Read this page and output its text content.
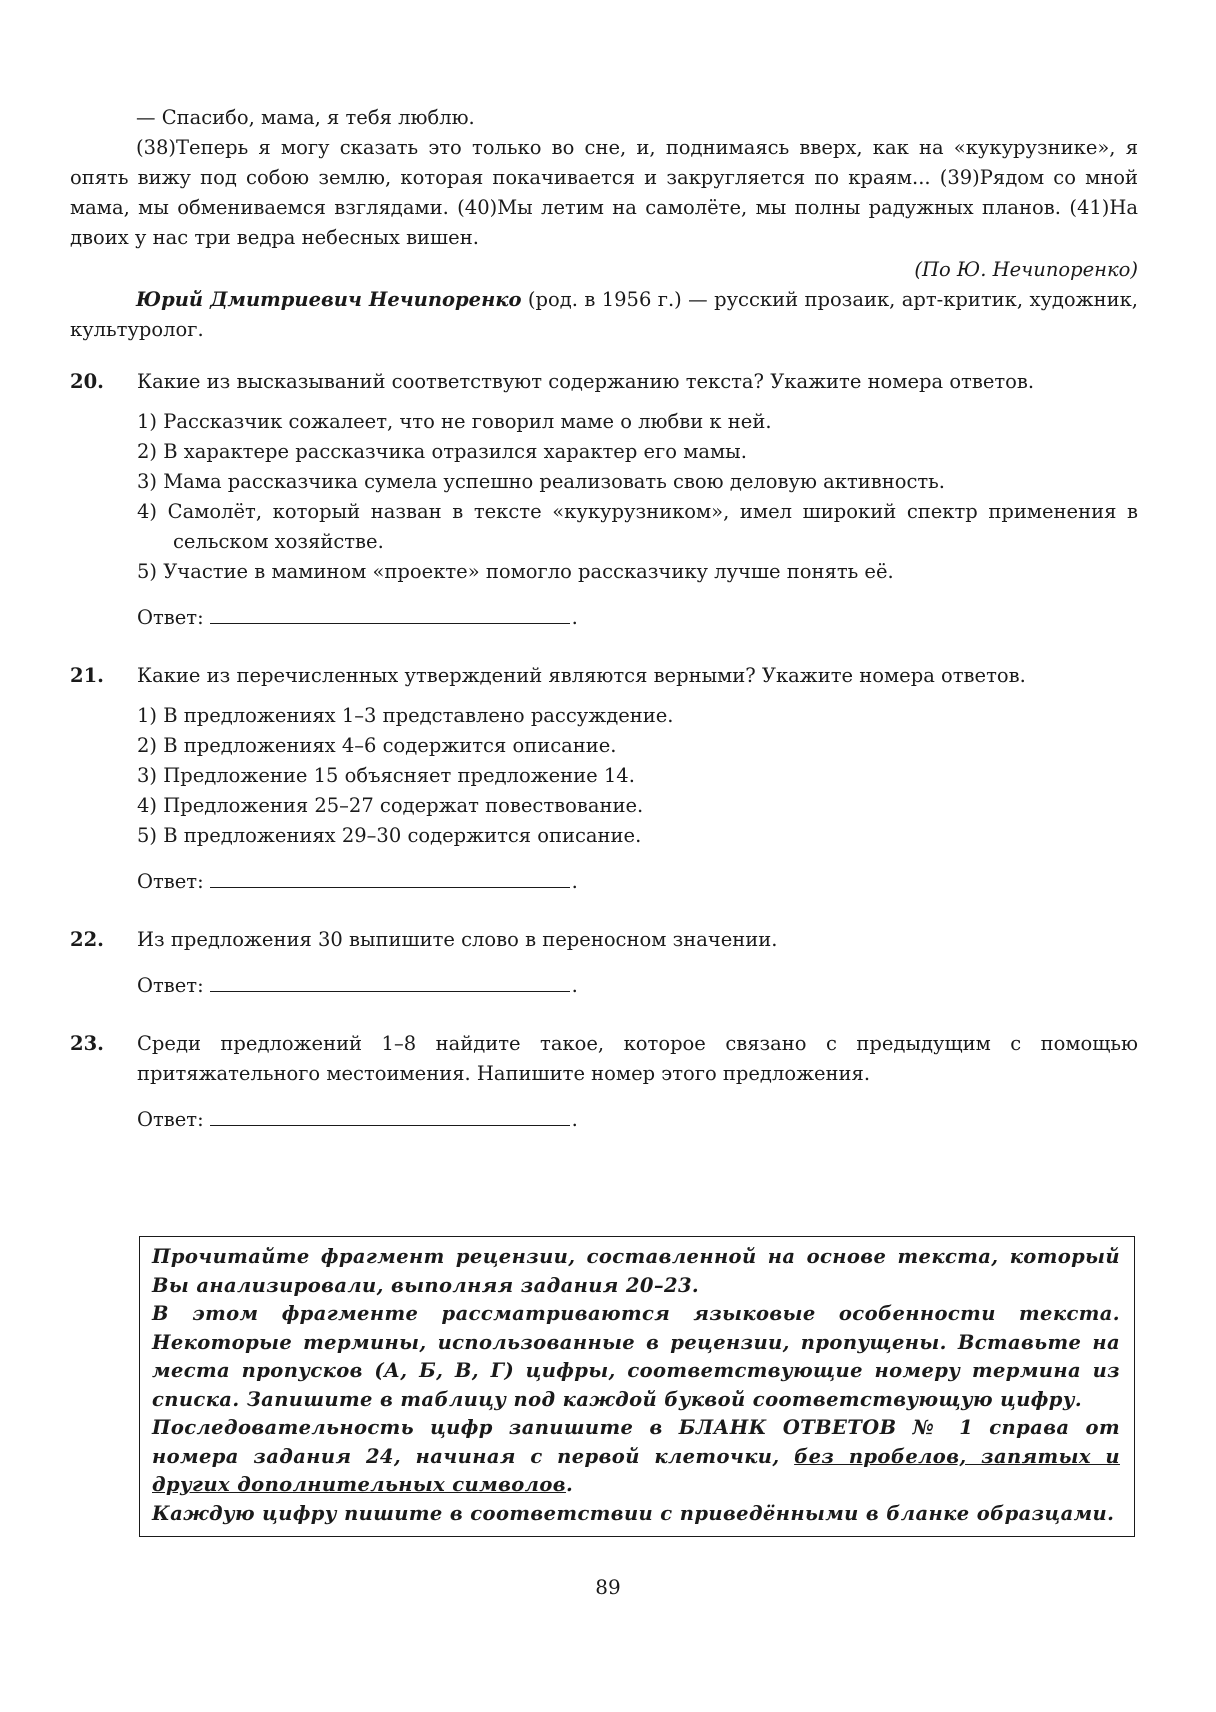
— Спасибо, мама, я тебя люблю.

(38)Теперь я могу сказать это только во сне, и, поднимаясь вверх, как на «кукурузнике», я опять вижу под собою землю, которая покачивается и закругляется по краям... (39)Рядом со мной мама, мы обмениваемся взглядами. (40)Мы летим на самолёте, мы полны радужных планов. (41)На двоих у нас три ведра небесных вишен.

(По Ю. Нечипоренко)

Юрий Дмитриевич Нечипоренко (род. в 1956 г.) — русский прозаик, арт-критик, художник, культуролог.

20. Какие из высказываний соответствуют содержанию текста? Укажите номера ответов.
1) Рассказчик сожалеет, что не говорил маме о любви к ней.
2) В характере рассказчика отразился характер его мамы.
3) Мама рассказчика сумела успешно реализовать свою деловую активность.
4) Самолёт, который назван в тексте «кукурузником», имел широкий спектр применения в сельском хозяйстве.
5) Участие в мамином «проекте» помогло рассказчику лучше понять её.
Ответ:	.
21. Какие из перечисленных утверждений являются верными? Укажите номера ответов.
1) В предложениях 1–3 представлено рассуждение.
2) В предложениях 4–6 содержится описание.
3) Предложение 15 объясняет предложение 14.
4) Предложения 25–27 содержат повествование.
5) В предложениях 29–30 содержится описание.
Ответ:	.
22. Из предложения 30 выпишите слово в переносном значении.
Ответ:	.
23. Среди предложений 1–8 найдите такое, которое связано с предыдущим с помощью притяжательного местоимения. Напишите номер этого предложения.
Ответ:	.

Прочитайте фрагмент рецензии, составленной на основе текста, который Вы анализировали, выполняя задания 20–23.

В этом фрагменте рассматриваются языковые особенности текста. Некоторые термины, использованные в рецензии, пропущены. Вставьте на места пропусков (А, Б, В, Г) цифры, соответствующие номеру термина из списка. Запишите в таблицу под каждой буквой соответствующую цифру.

Последовательность цифр запишите в БЛАНК ОТВЕТОВ № 1 справа от номера задания 24, начиная с первой клеточки, без пробелов, запятых и других дополнительных символов.

Каждую цифру пишите в соответствии с приведёнными в бланке образцами.

89
